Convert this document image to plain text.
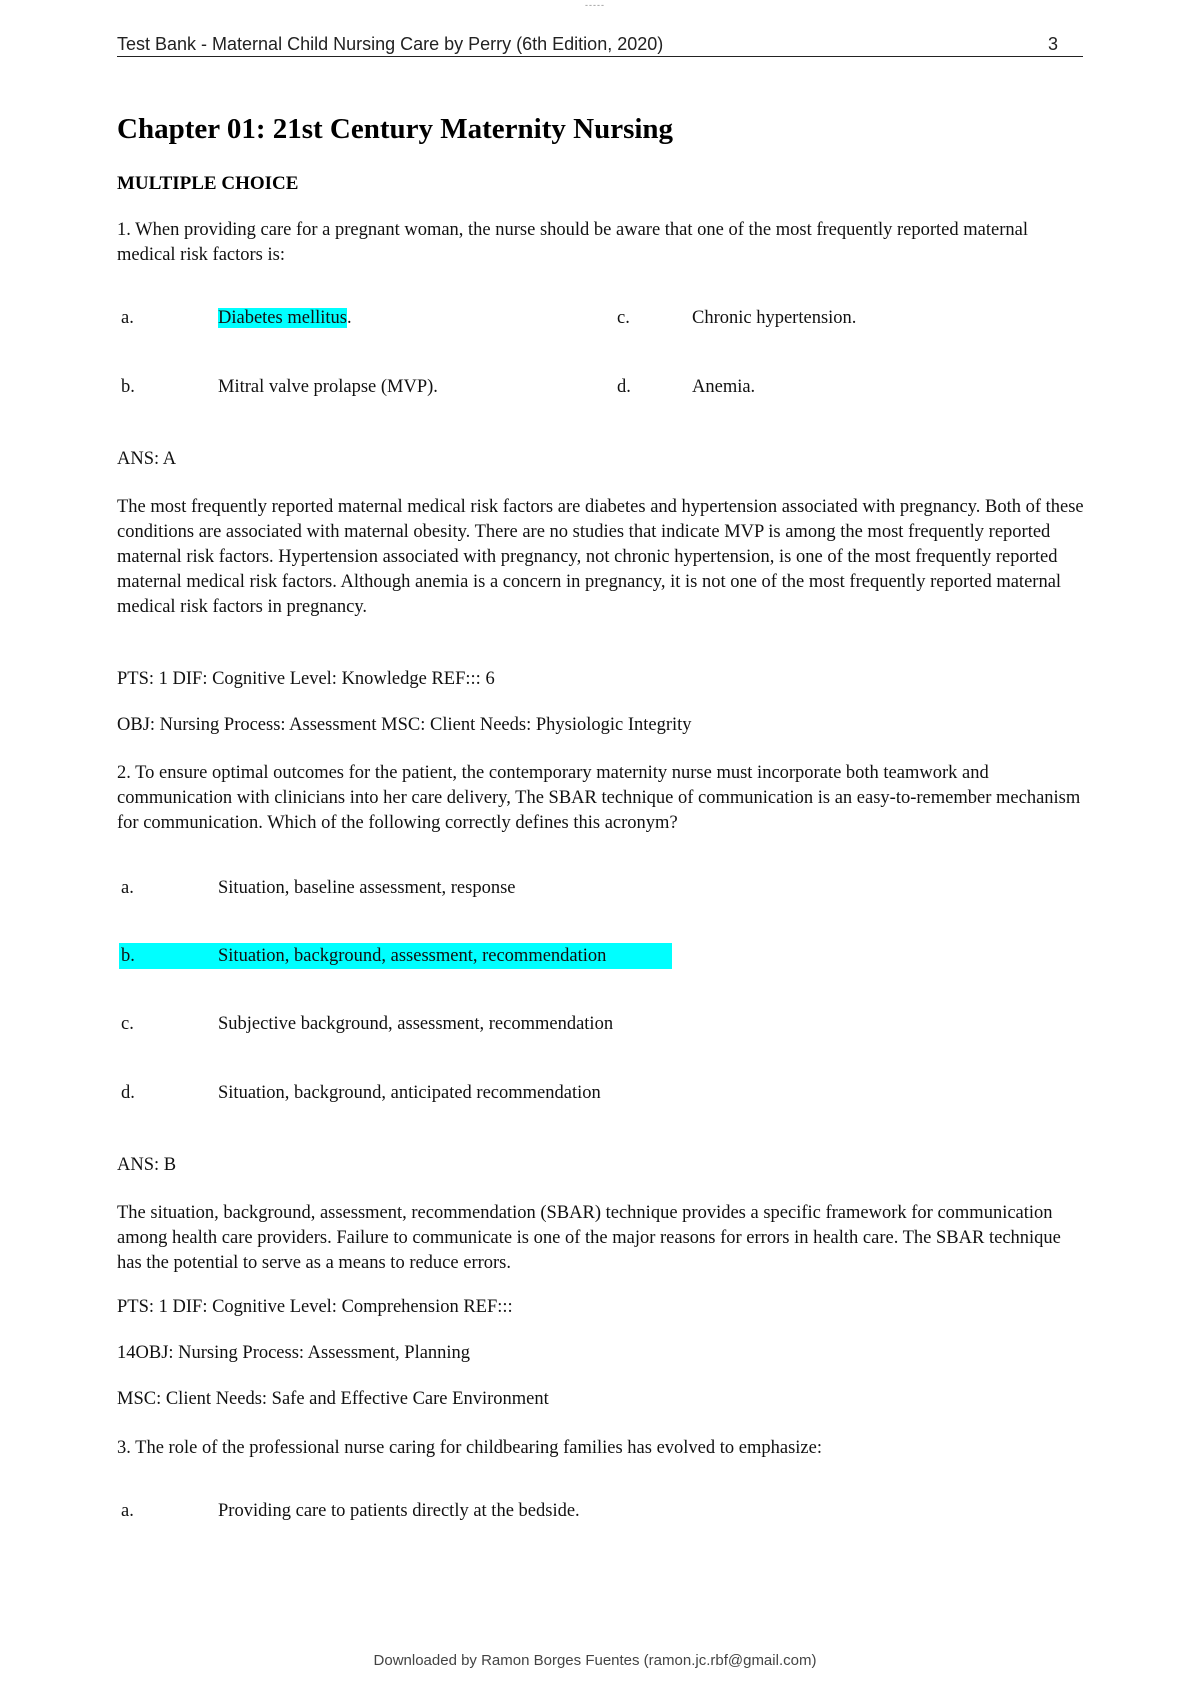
-----
Test Bank - Maternal Child Nursing Care by Perry (6th Edition, 2020)	3
Chapter 01: 21st Century Maternity Nursing
MULTIPLE CHOICE
1. When providing care for a pregnant woman, the nurse should be aware that one of the most frequently reported maternal medical risk factors is:
a.	Diabetes mellitus.	c.	Chronic hypertension.
b.	Mitral valve prolapse (MVP).	d.	Anemia.
ANS: A
The most frequently reported maternal medical risk factors are diabetes and hypertension associated with pregnancy. Both of these conditions are associated with maternal obesity. There are no studies that indicate MVP is among the most frequently reported maternal risk factors. Hypertension associated with pregnancy, not chronic hypertension, is one of the most frequently reported maternal medical risk factors. Although anemia is a concern in pregnancy, it is not one of the most frequently reported maternal medical risk factors in pregnancy.
PTS: 1 DIF: Cognitive Level: Knowledge REF::: 6
OBJ: Nursing Process: Assessment MSC: Client Needs: Physiologic Integrity
2. To ensure optimal outcomes for the patient, the contemporary maternity nurse must incorporate both teamwork and communication with clinicians into her care delivery, The SBAR technique of communication is an easy-to-remember mechanism for communication. Which of the following correctly defines this acronym?
a.	Situation, baseline assessment, response
b.	Situation, background, assessment, recommendation
c.	Subjective background, assessment, recommendation
d.	Situation, background, anticipated recommendation
ANS: B
The situation, background, assessment, recommendation (SBAR) technique provides a specific framework for communication among health care providers. Failure to communicate is one of the major reasons for errors in health care. The SBAR technique has the potential to serve as a means to reduce errors.
PTS: 1 DIF: Cognitive Level: Comprehension REF:::
14OBJ: Nursing Process: Assessment, Planning
MSC: Client Needs: Safe and Effective Care Environment
3. The role of the professional nurse caring for childbearing families has evolved to emphasize:
a.	Providing care to patients directly at the bedside.
Downloaded by Ramon Borges Fuentes (ramon.jc.rbf@gmail.com)
